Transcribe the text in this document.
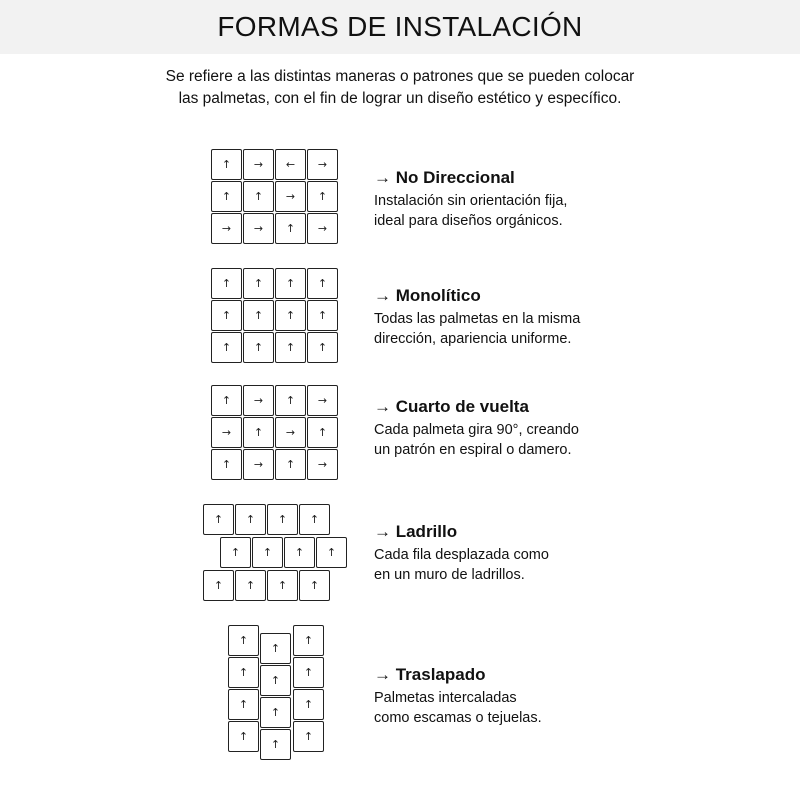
FORMAS DE INSTALACIÓN
Se refiere a las distintas maneras o patrones que se pueden colocar
las palmetas, con el fin de lograr un diseño estético y específico.
↑ → ← →
↑ ↑ → ↑
→ → ↑ →
→ No Direccional
Instalación sin orientación fija,
ideal para diseños orgánicos.
↑ ↑ ↑ ↑
↑ ↑ ↑ ↑
↑ ↑ ↑ ↑
→ Monolítico
Todas las palmetas en la misma
dirección, apariencia uniforme.
↑ → ↑ →
→ ↑ → ↑
↑ → ↑ →
→ Cuarto de vuelta
Cada palmeta gira 90°, creando
un patrón en espiral o damero.
↑ ↑ ↑ ↑
↑ ↑ ↑ ↑
↑ ↑ ↑ ↑
→ Ladrillo
Cada fila desplazada como
en un muro de ladrillos.
↑
↑
↑
↑
↑
↑
↑
↑
↑
↑
↑
↑
→ Traslapado
Palmetas intercaladas
como escamas o tejuelas.
